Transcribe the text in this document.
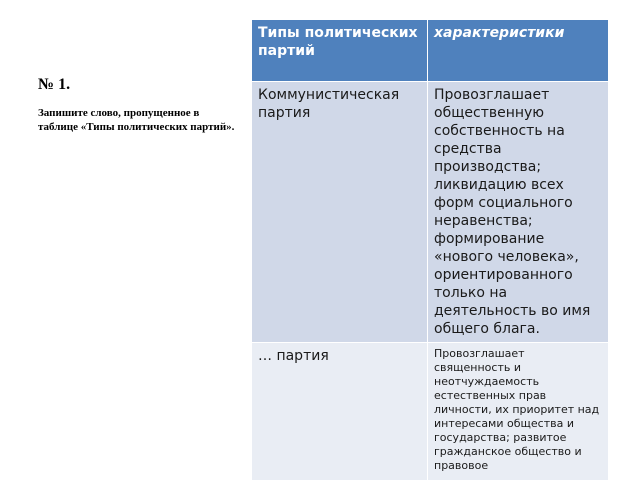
№ 1.
Запишите слово, пропущенное в таблице «Типы политических партий».
Типы политических партий	характеристики

Коммунистическая партия	Провозглашает общественную собственность на средства производства; ликвидацию всех форм социального неравенства; формирование «нового человека», ориентированного только на деятельность во имя общего блага.

… партия	Провозглашает священность и неотчуждаемость естественных прав личности, их приоритет над интересами общества и государства; развитое гражданское общество и правовое
